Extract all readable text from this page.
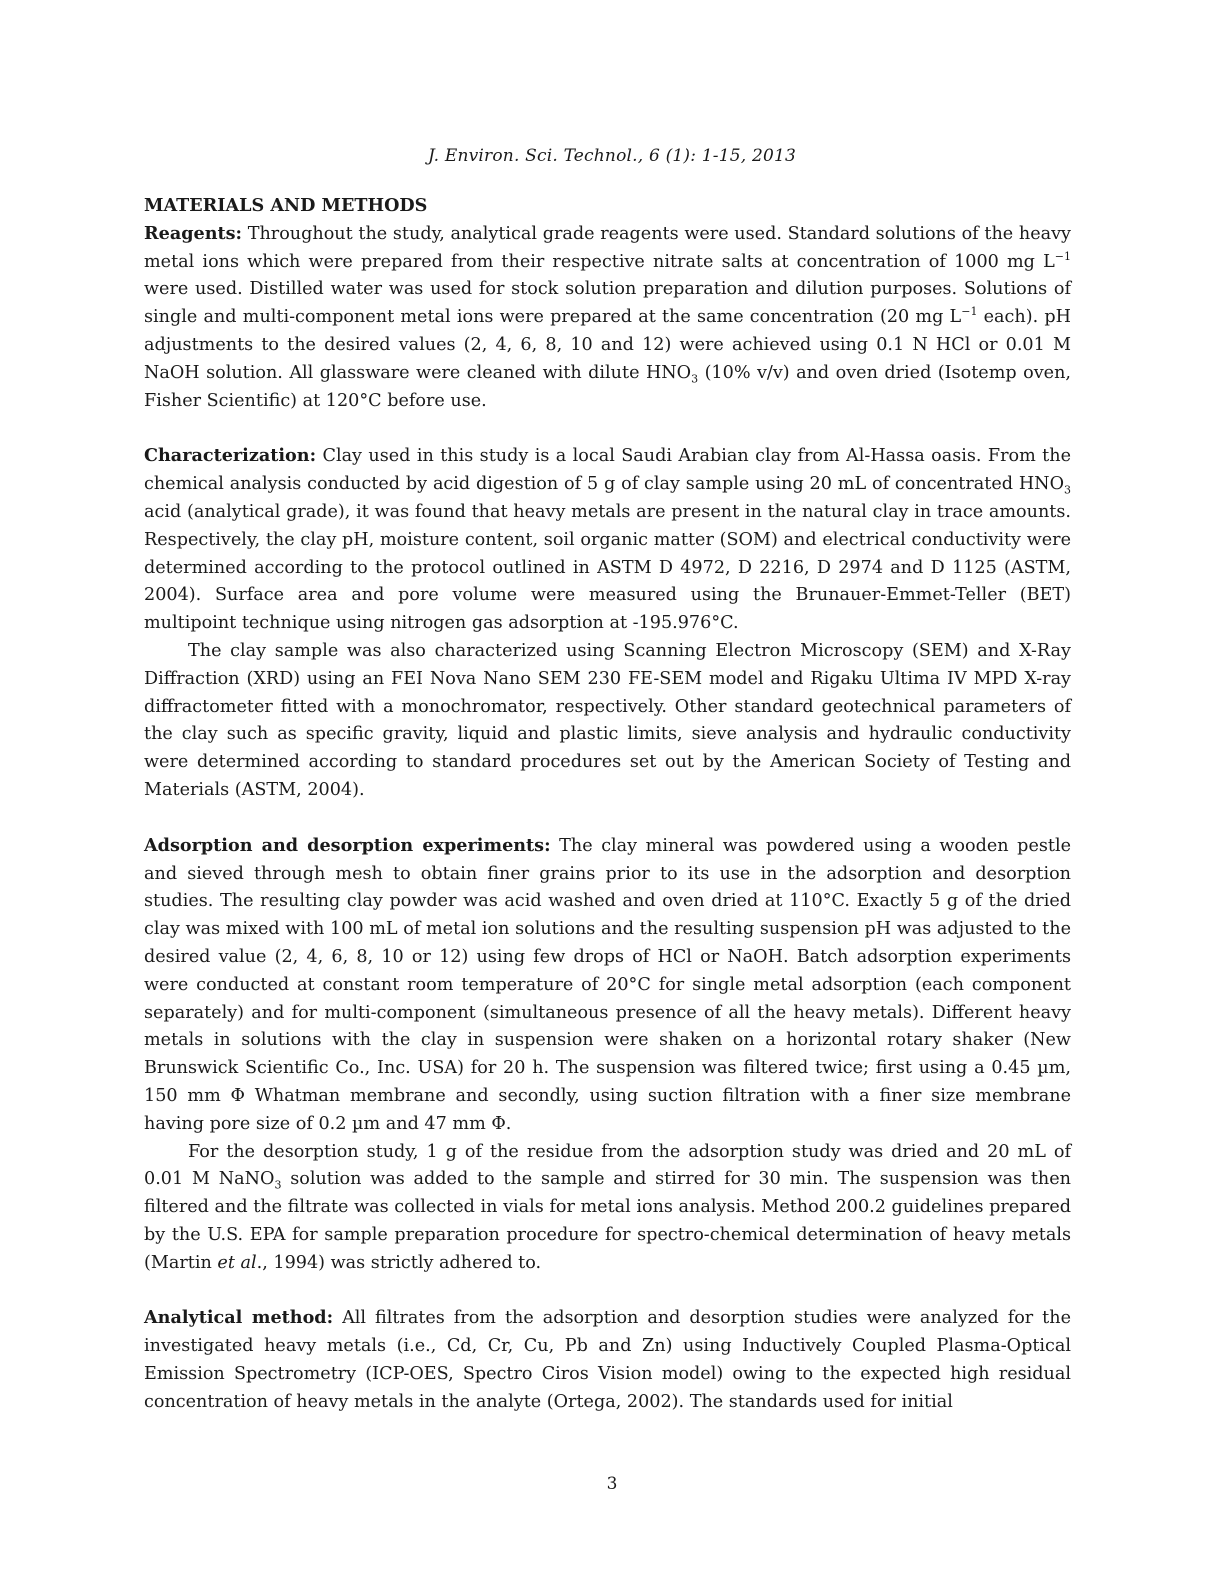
J. Environ. Sci. Technol., 6 (1): 1-15, 2013
MATERIALS AND METHODS

Reagents: Throughout the study, analytical grade reagents were used. Standard solutions of the heavy metal ions which were prepared from their respective nitrate salts at concentration of 1000 mg $L^{-1}$ were used. Distilled water was used for stock solution preparation and dilution purposes. Solutions of single and multi-component metal ions were prepared at the same concentration (20 mg $L^{-1}$ each). pH adjustments to the desired values (2, 4, 6, 8, 10 and 12) were achieved using 0.1 N HCl or 0.01 M NaOH solution. All glassware were cleaned with dilute $HNO_3$ (10% v/v) and oven dried (Isotemp oven, Fisher Scientific) at 120°C before use.

Characterization: Clay used in this study is a local Saudi Arabian clay from Al-Hassa oasis. From the chemical analysis conducted by acid digestion of 5 g of clay sample using 20 mL of concentrated $HNO_3$ acid (analytical grade), it was found that heavy metals are present in the natural clay in trace amounts. Respectively, the clay pH, moisture content, soil organic matter (SOM) and electrical conductivity were determined according to the protocol outlined in ASTM D 4972, D 2216, D 2974 and D 1125 (ASTM, 2004). Surface area and pore volume were measured using the Brunauer-Emmet-Teller (BET) multipoint technique using nitrogen gas adsorption at -195.976°C.

The clay sample was also characterized using Scanning Electron Microscopy (SEM) and X-Ray Diffraction (XRD) using an FEI Nova Nano SEM 230 FE-SEM model and Rigaku Ultima IV MPD X-ray diffractometer fitted with a monochromator, respectively. Other standard geotechnical parameters of the clay such as specific gravity, liquid and plastic limits, sieve analysis and hydraulic conductivity were determined according to standard procedures set out by the American Society of Testing and Materials (ASTM, 2004).

Adsorption and desorption experiments: The clay mineral was powdered using a wooden pestle and sieved through mesh to obtain finer grains prior to its use in the adsorption and desorption studies. The resulting clay powder was acid washed and oven dried at 110°C. Exactly 5 g of the dried clay was mixed with 100 mL of metal ion solutions and the resulting suspension pH was adjusted to the desired value (2, 4, 6, 8, 10 or 12) using few drops of HCl or NaOH. Batch adsorption experiments were conducted at constant room temperature of 20°C for single metal adsorption (each component separately) and for multi-component (simultaneous presence of all the heavy metals). Different heavy metals in solutions with the clay in suspension were shaken on a horizontal rotary shaker (New Brunswick Scientific Co., Inc. USA) for 20 h. The suspension was filtered twice; first using a 0.45 µm, 150 mm Φ Whatman membrane and secondly, using suction filtration with a finer size membrane having pore size of 0.2 µm and 47 mm Φ.

For the desorption study, 1 g of the residue from the adsorption study was dried and 20 mL of 0.01 M NaNO$_3$ solution was added to the sample and stirred for 30 min. The suspension was then filtered and the filtrate was collected in vials for metal ions analysis. Method 200.2 guidelines prepared by the U.S. EPA for sample preparation procedure for spectro-chemical determination of heavy metals (Martin et al., 1994) was strictly adhered to.

Analytical method: All filtrates from the adsorption and desorption studies were analyzed for the investigated heavy metals (i.e., Cd, Cr, Cu, Pb and Zn) using Inductively Coupled Plasma-Optical Emission Spectrometry (ICP-OES, Spectro Ciros Vision model) owing to the expected high residual concentration of heavy metals in the analyte (Ortega, 2002). The standards used for initial

3
